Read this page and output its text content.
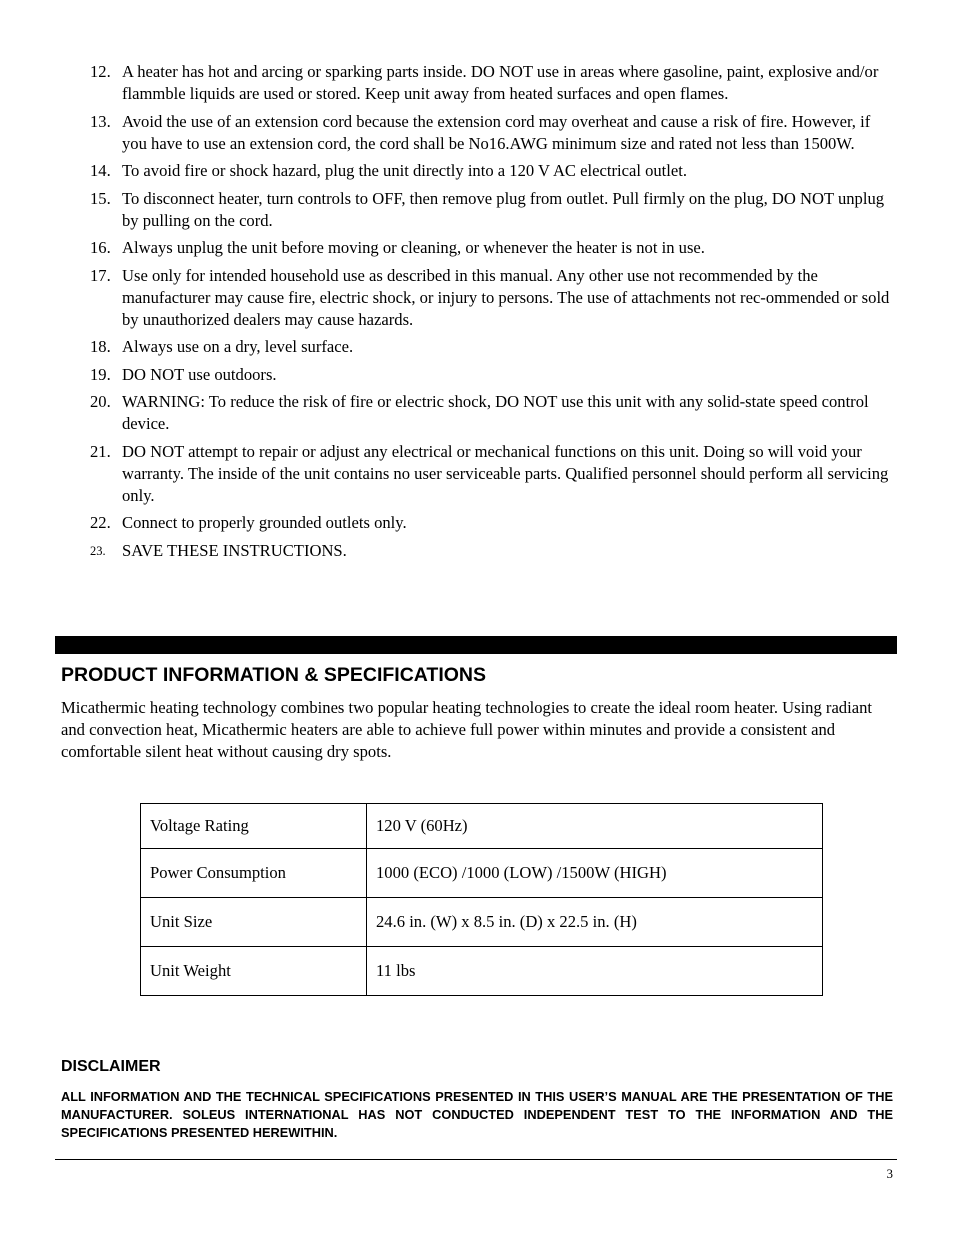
12. A heater has hot and arcing or sparking parts inside. DO NOT use in areas where gasoline, paint, explosive and/or flammble liquids are used or stored. Keep unit away from heated surfaces and open flames.
13. Avoid the use of an extension cord because the extension cord may overheat and cause a risk of fire. However, if you have to use an extension cord, the cord shall be No16.AWG minimum size and rated not less than 1500W.
14. To avoid fire or shock hazard, plug the unit directly into a 120 V AC electrical outlet.
15. To disconnect heater, turn controls to OFF, then remove plug from outlet. Pull firmly on the plug, DO NOT unplug by pulling on the cord.
16. Always unplug the unit before moving or cleaning, or whenever the heater is not in use.
17. Use only for intended household use as described in this manual. Any other use not recommended by the manufacturer may cause fire, electric shock, or injury to persons. The use of attachments not rec-ommended or sold by unauthorized dealers may cause hazards.
18. Always use on a dry, level surface.
19. DO NOT use outdoors.
20. WARNING: To reduce the risk of fire or electric shock, DO NOT use this unit with any solid-state speed control device.
21. DO NOT attempt to repair or adjust any electrical or mechanical functions on this unit. Doing so will void your warranty. The inside of the unit contains no user serviceable parts. Qualified personnel should perform all servicing only.
22. Connect to properly grounded outlets only.
23. SAVE THESE INSTRUCTIONS.
PRODUCT INFORMATION & SPECIFICATIONS

Micathermic heating technology combines two popular heating technologies to create the ideal room heater. Using radiant and convection heat, Micathermic heaters are able to achieve full power within minutes and provide a consistent and comfortable silent heat without causing dry spots.

Voltage Rating	120 V (60Hz)
Power Consumption	1000 (ECO) /1000 (LOW) /1500W (HIGH)
Unit Size	24.6 in. (W) x 8.5 in. (D) x 22.5 in. (H)
Unit Weight	11 lbs
DISCLAIMER

ALL INFORMATION AND THE TECHNICAL SPECIFICATIONS PRESENTED IN THIS USER’S MANUAL ARE THE PRESENTATION OF THE MANUFACTURER. SOLEUS INTERNATIONAL HAS NOT CONDUCTED INDEPENDENT TEST TO THE INFORMATION AND THE SPECIFICATIONS PRESENTED HEREWITHIN.

3
